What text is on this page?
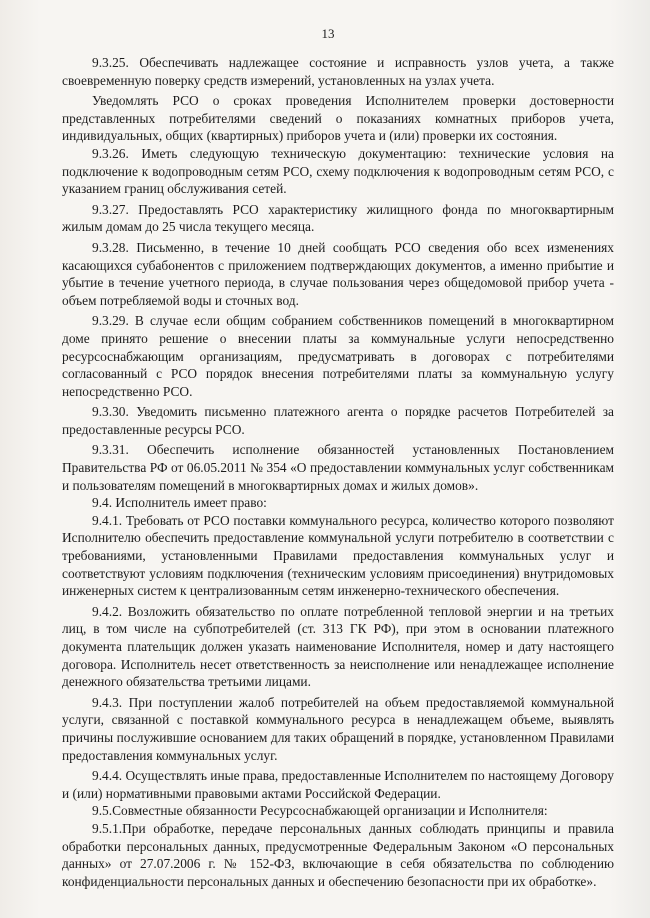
13

9.3.25. Обеспечивать надлежащее состояние и исправность узлов учета, а также своевременную поверку средств измерений, установленных на узлах учета.

Уведомлять РСО о сроках проведения Исполнителем проверки достоверности представленных потребителями сведений о показаниях комнатных приборов учета, индивидуальных, общих (квартирных) приборов учета и (или) проверки их состояния.

9.3.26. Иметь следующую техническую документацию: технические условия на подключение к водопроводным сетям РСО, схему подключения к водопроводным сетям РСО, с указанием границ обслуживания сетей.

9.3.27. Предоставлять РСО характеристику жилищного фонда по многоквартирным жилым домам до 25 числа текущего месяца.

9.3.28. Письменно, в течение 10 дней сообщать РСО сведения обо всех изменениях касающихся субабонентов с приложением подтверждающих документов, а именно прибытие и убытие в течение учетного периода, в случае пользования через общедомовой прибор учета - объем потребляемой воды и сточных вод.

9.3.29. В случае если общим собранием собственников помещений в многоквартирном доме принято решение о внесении платы за коммунальные услуги непосредственно ресурсоснабжающим организациям, предусматривать в договорах с потребителями согласованный с РСО порядок внесения потребителями платы за коммунальную услугу непосредственно РСО.

9.3.30. Уведомить письменно платежного агента о порядке расчетов Потребителей за предоставленные ресурсы РСО.

9.3.31. Обеспечить исполнение обязанностей установленных Постановлением Правительства РФ от 06.05.2011 № 354 «О предоставлении коммунальных услуг собственникам и пользователям помещений в многоквартирных домах и жилых домов».

9.4. Исполнитель имеет право:

9.4.1. Требовать от РСО поставки коммунального ресурса, количество которого позволяют Исполнителю обеспечить предоставление коммунальной услуги потребителю в соответствии с требованиями, установленными Правилами предоставления коммунальных услуг и соответствуют условиям подключения (техническим условиям присоединения) внутридомовых инженерных систем к централизованным сетям инженерно-технического обеспечения.

9.4.2. Возложить обязательство по оплате потребленной тепловой энергии и на третьих лиц, в том числе на субпотребителей (ст. 313 ГК РФ), при этом в основании платежного документа плательщик должен указать наименование Исполнителя, номер и дату настоящего договора. Исполнитель несет ответственность за неисполнение или ненадлежащее исполнение денежного обязательства третьими лицами.

9.4.3. При поступлении жалоб потребителей на объем предоставляемой коммунальной услуги, связанной с поставкой коммунального ресурса в ненадлежащем объеме, выявлять причины послужившие основанием для таких обращений в порядке, установленном Правилами предоставления коммунальных услуг.

9.4.4. Осуществлять иные права, предоставленные Исполнителем по настоящему Договору и (или) нормативными правовыми актами Российской Федерации.

9.5.Совместные обязанности Ресурсоснабжающей организации и Исполнителя:

9.5.1.При обработке, передаче персональных данных соблюдать принципы и правила обработки персональных данных, предусмотренные Федеральным Законом «О персональных данных» от 27.07.2006 г. № 152-ФЗ, включающие в себя обязательства по соблюдению конфиденциальности персональных данных и обеспечению безопасности при их обработке».
